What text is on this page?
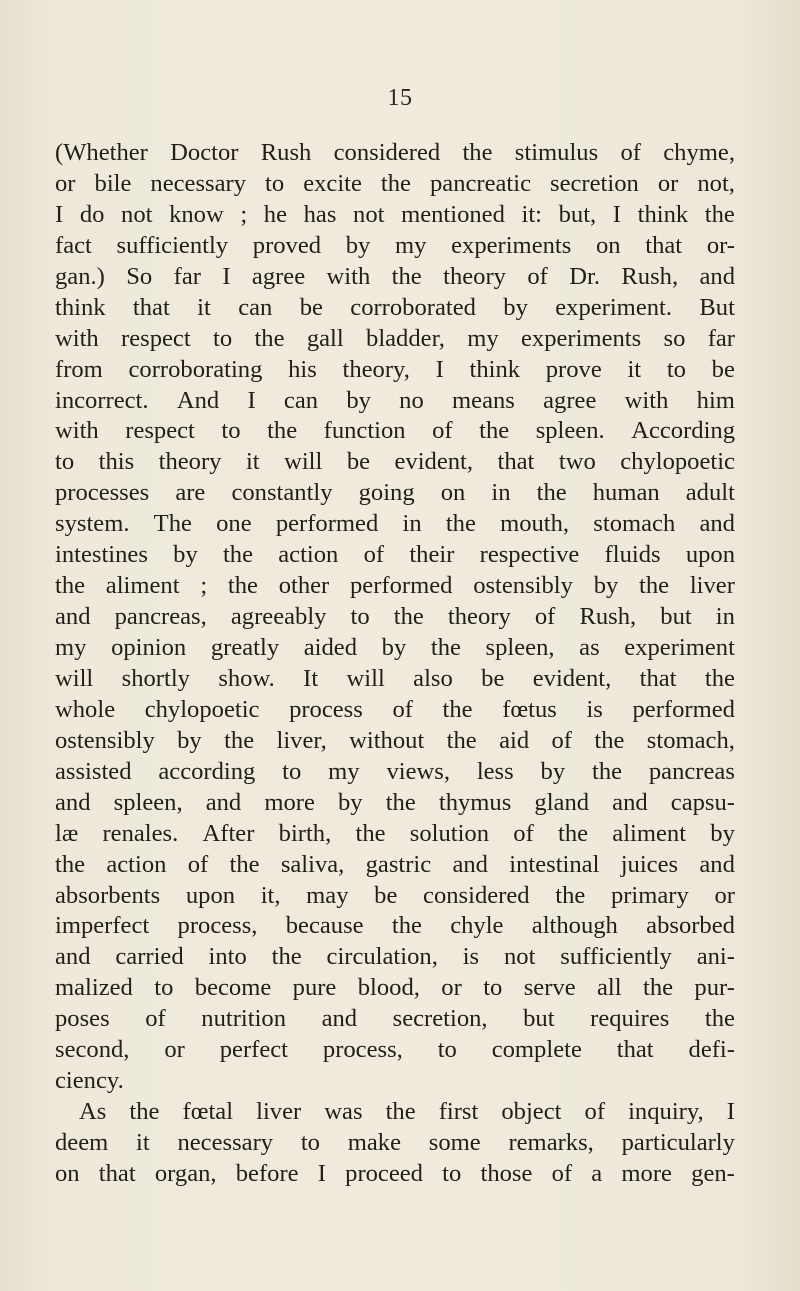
15
(Whether Doctor Rush considered the stimulus of chyme,
or bile necessary to excite the pancreatic secretion or not,
I do not know ; he has not mentioned it: but, I think the
fact sufficiently proved by my experiments on that or-
gan.) So far I agree with the theory of Dr. Rush, and
think that it can be corroborated by experiment. But
with respect to the gall bladder, my experiments so far
from corroborating his theory, I think prove it to be
incorrect. And I can by no means agree with him
with respect to the function of the spleen. According
to this theory it will be evident, that two chylopoetic
processes are constantly going on in the human adult
system. The one performed in the mouth, stomach and
intestines by the action of their respective fluids upon
the aliment ; the other performed ostensibly by the liver
and pancreas, agreeably to the theory of Rush, but in
my opinion greatly aided by the spleen, as experiment
will shortly show. It will also be evident, that the
whole chylopoetic process of the fœtus is performed
ostensibly by the liver, without the aid of the stomach,
assisted according to my views, less by the pancreas
and spleen, and more by the thymus gland and capsu-
læ renales. After birth, the solution of the aliment by
the action of the saliva, gastric and intestinal juices and
absorbents upon it, may be considered the primary or
imperfect process, because the chyle although absorbed
and carried into the circulation, is not sufficiently ani-
malized to become pure blood, or to serve all the pur-
poses of nutrition and secretion, but requires the
second, or perfect process, to complete that defi-
ciency.
As the fœtal liver was the first object of inquiry, I
deem it necessary to make some remarks, particularly
on that organ, before I proceed to those of a more gen-
